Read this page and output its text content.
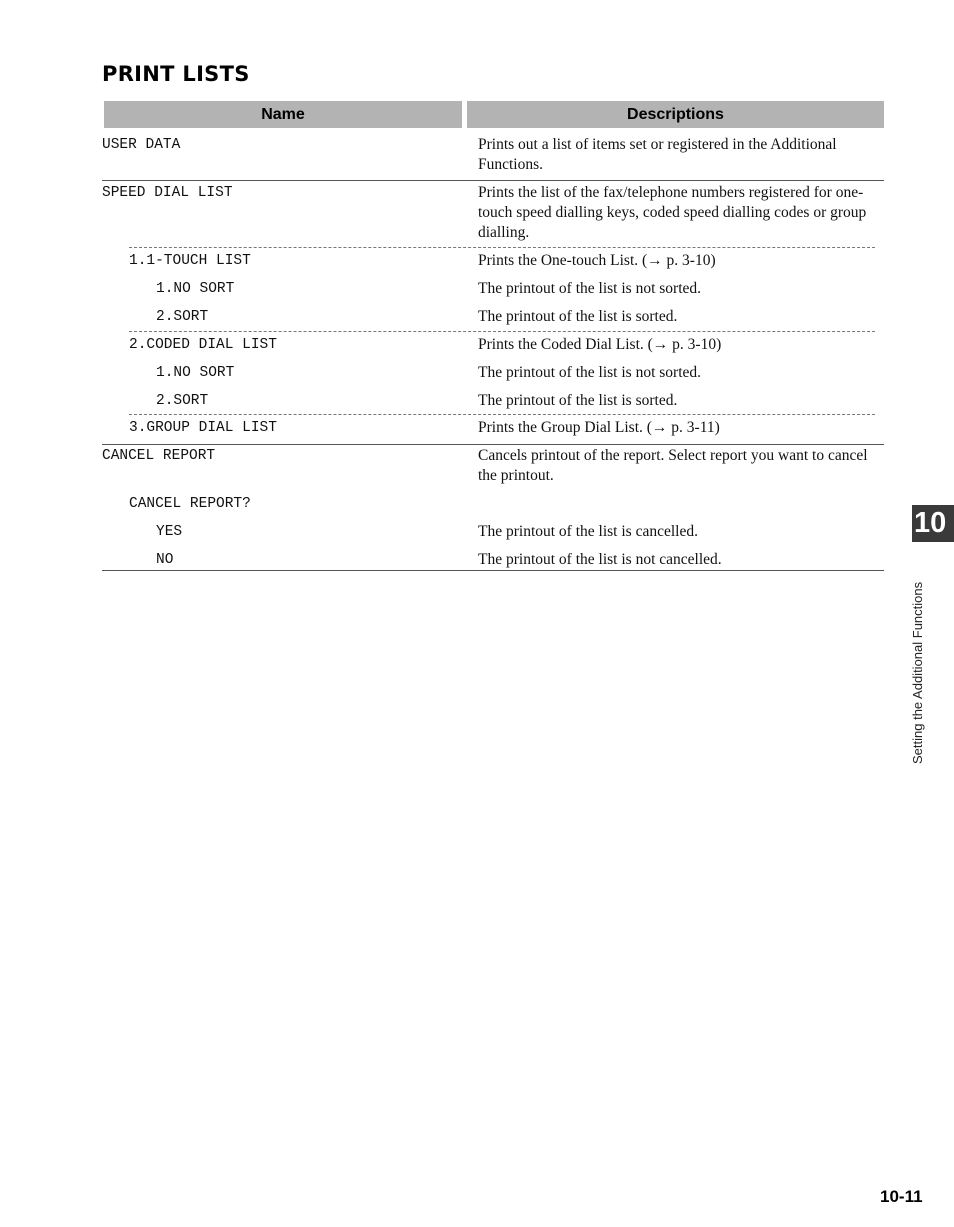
PRINT LISTS
Name	Descriptions
USER DATA	Prints out a list of items set or registered in the Additional Functions.
SPEED DIAL LIST	Prints the list of the fax/telephone numbers registered for one-touch speed dialling keys, coded speed dialling codes or group dialling.
1.1-TOUCH LIST	Prints the One-touch List. (→ p. 3-10)
1.NO SORT	The printout of the list is not sorted.
2.SORT	The printout of the list is sorted.
2.CODED DIAL LIST	Prints the Coded Dial List. (→ p. 3-10)
1.NO SORT	The printout of the list is not sorted.
2.SORT	The printout of the list is sorted.
3.GROUP DIAL LIST	Prints the Group Dial List. (→ p. 3-11)
CANCEL REPORT	Cancels printout of the report. Select report you want to cancel the printout.
CANCEL REPORT?
YES	The printout of the list is cancelled.
NO	The printout of the list is not cancelled.
10
Setting the Additional Functions
10-11
